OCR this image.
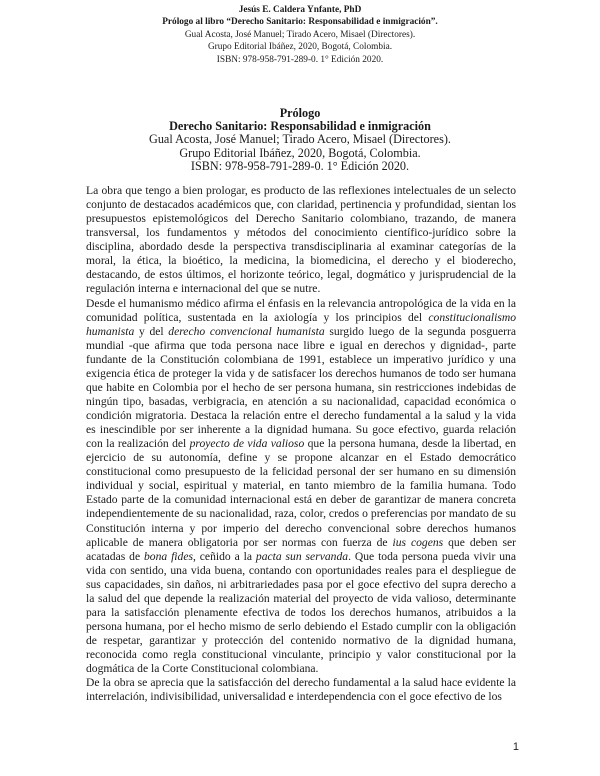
Jesús E. Caldera Ynfante, PhD
Prólogo al libro “Derecho Sanitario: Responsabilidad e inmigración”.
Gual Acosta, José Manuel; Tirado Acero, Misael (Directores).
Grupo Editorial Ibáñez, 2020, Bogotá, Colombia.
ISBN: 978-958-791-289-0. 1° Edición 2020.
Prólogo
Derecho Sanitario: Responsabilidad e inmigración
Gual Acosta, José Manuel; Tirado Acero, Misael (Directores).
Grupo Editorial Ibáñez, 2020, Bogotá, Colombia.
ISBN: 978-958-791-289-0. 1° Edición 2020.

La obra que tengo a bien prologar, es producto de las reflexiones intelectuales de un selecto conjunto de destacados académicos que, con claridad, pertinencia y profundidad, sientan los presupuestos epistemológicos del Derecho Sanitario colombiano, trazando, de manera transversal, los fundamentos y métodos del conocimiento científico-jurídico sobre la disciplina, abordado desde la perspectiva transdisciplinaria al examinar categorías de la moral, la ética, la bioético, la medicina, la biomedicina, el derecho y el bioderecho, destacando, de estos últimos, el horizonte teórico, legal, dogmático y jurisprudencial de la regulación interna e internacional del que se nutre.

Desde el humanismo médico afirma el énfasis en la relevancia antropológica de la vida en la comunidad política, sustentada en la axiología y los principios del constitucionalismo humanista y del derecho convencional humanista surgido luego de la segunda posguerra mundial -que afirma que toda persona nace libre e igual en derechos y dignidad-, parte fundante de la Constitución colombiana de 1991, establece un imperativo jurídico y una exigencia ética de proteger la vida y de satisfacer los derechos humanos de todo ser humana que habite en Colombia por el hecho de ser persona humana, sin restricciones indebidas de ningún tipo, basadas, verbigracia, en atención a su nacionalidad, capacidad económica o condición migratoria. Destaca la relación entre el derecho fundamental a la salud y la vida es inescindible por ser inherente a la dignidad humana. Su goce efectivo, guarda relación con la realización del proyecto de vida valioso que la persona humana, desde la libertad, en ejercicio de su autonomía, define y se propone alcanzar en el Estado democrático constitucional como presupuesto de la felicidad personal der ser humano en su dimensión individual y social, espiritual y material, en tanto miembro de la familia humana. Todo Estado parte de la comunidad internacional está en deber de garantizar de manera concreta independientemente de su nacionalidad, raza, color, credos o preferencias por mandato de su Constitución interna y por imperio del derecho convencional sobre derechos humanos aplicable de manera obligatoria por ser normas con fuerza de ius cogens que deben ser acatadas de bona fides, ceñido a la pacta sun servanda. Que toda persona pueda vivir una vida con sentido, una vida buena, contando con oportunidades reales para el despliegue de sus capacidades, sin daños, ni arbitrariedades pasa por el goce efectivo del supra derecho a la salud del que depende la realización material del proyecto de vida valioso, determinante para la satisfacción plenamente efectiva de todos los derechos humanos, atribuidos a la persona humana, por el hecho mismo de serlo debiendo el Estado cumplir con la obligación de respetar, garantizar y protección del contenido normativo de la dignidad humana, reconocida como regla constitucional vinculante, principio y valor constitucional por la dogmática de la Corte Constitucional colombiana.

De la obra se aprecia que la satisfacción del derecho fundamental a la salud hace evidente la interrelación, indivisibilidad, universalidad e interdependencia con el goce efectivo de los

1
